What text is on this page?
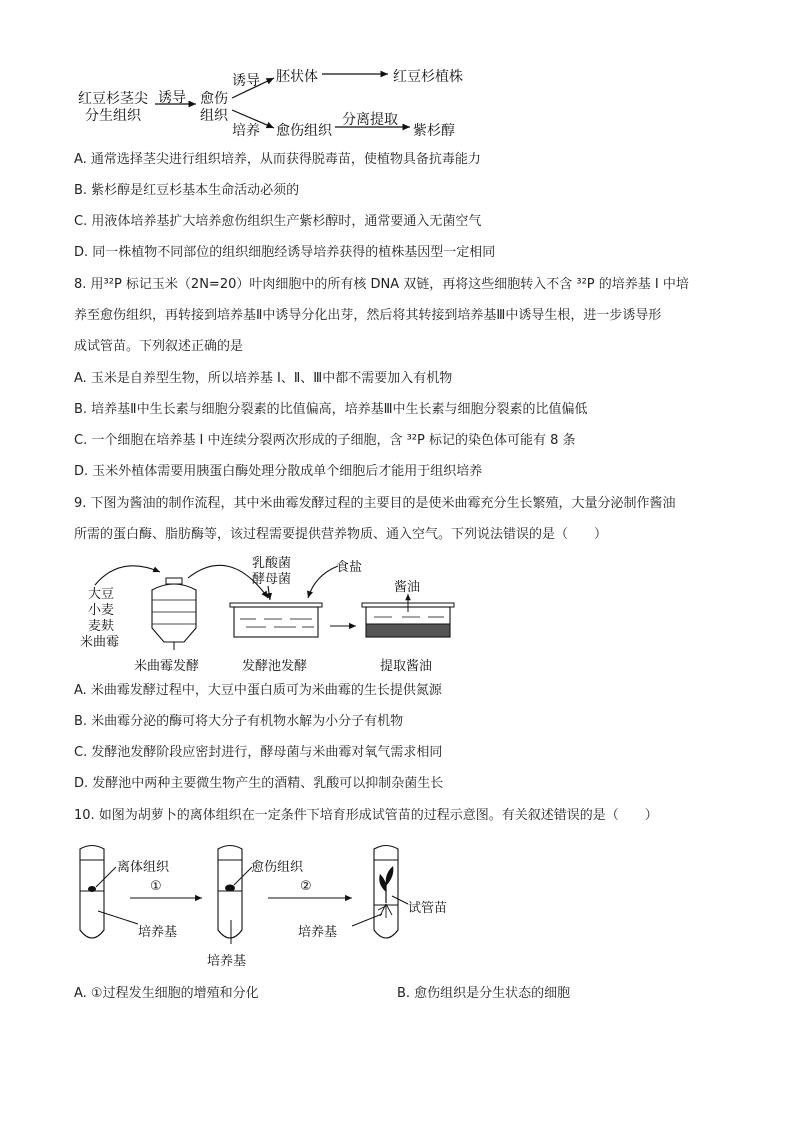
红豆杉茎尖
分生组织
诱导 愈伤
组织
诱导 胚状体	红豆杉植株
培养 愈伤组织
分离提取
紫杉醇
A. 通常选择茎尖进行组织培养，从而获得脱毒苗，使植物具备抗毒能力
B. 紫杉醇是红豆杉基本生命活动必须的
C. 用液体培养基扩大培养愈伤组织生产紫杉醇时，通常要通入无菌空气
D. 同一株植物不同部位的组织细胞经诱导培养获得的植株基因型一定相同
8. 用³²P 标记玉米（2N=20）叶肉细胞中的所有核 DNA 双链，再将这些细胞转入不含 ³²P 的培养基 I 中培
养至愈伤组织，再转接到培养基Ⅱ中诱导分化出芽，然后将其转接到培养基Ⅲ中诱导生根，进一步诱导形
成试管苗。下列叙述正确的是
A. 玉米是自养型生物，所以培养基 I、Ⅱ、Ⅲ中都不需要加入有机物
B. 培养基Ⅱ中生长素与细胞分裂素的比值偏高，培养基Ⅲ中生长素与细胞分裂素的比值偏低
C. 一个细胞在培养基 I 中连续分裂两次形成的子细胞，含 ³²P 标记的染色体可能有 8 条
D. 玉米外植体需要用胰蛋白酶处理分散成单个细胞后才能用于组织培养
9. 下图为酱油的制作流程，其中米曲霉发酵过程的主要目的是使米曲霉充分生长繁殖，大量分泌制作酱油
所需的蛋白酶、脂肪酶等，该过程需要提供营养物质、通入空气。下列说法错误的是（　　）
大豆
小麦
麦麸
米曲霉
乳酸菌
酵母菌
食盐
酱油
米曲霉发酵	发酵池发酵	提取酱油
A. 米曲霉发酵过程中，大豆中蛋白质可为米曲霉的生长提供氮源
B. 米曲霉分泌的酶可将大分子有机物水解为小分子有机物
C. 发酵池发酵阶段应密封进行，酵母菌与米曲霉对氧气需求相同
D. 发酵池中两种主要微生物产生的酒精、乳酸可以抑制杂菌生长
10. 如图为胡萝卜的离体组织在一定条件下培育形成试管苗的过程示意图。有关叙述错误的是（　　）
离体组织	愈伤组织
①	②
培养基
培养基
培养基
试管苗
A. ①过程发生细胞的增殖和分化	B. 愈伤组织是分生状态的细胞
